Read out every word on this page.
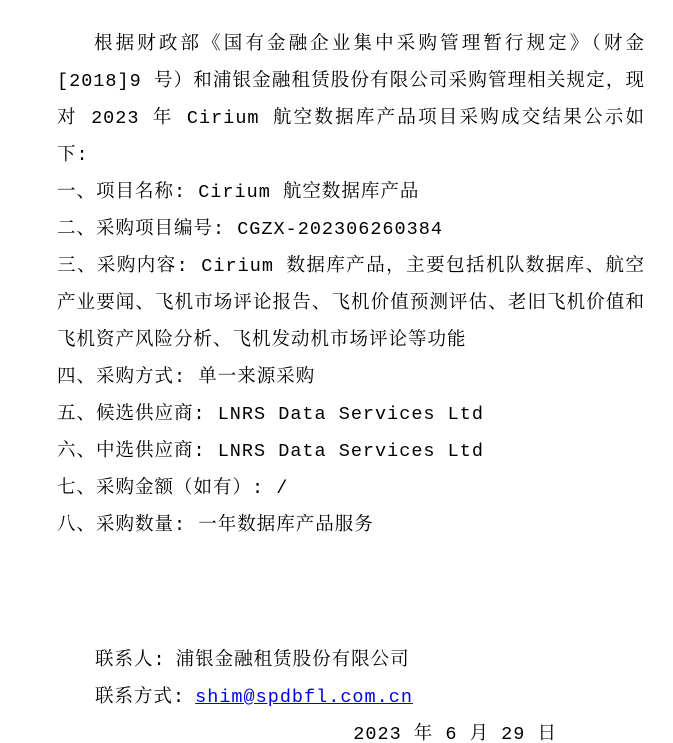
根据财政部《国有金融企业集中采购管理暂行规定》（财金[2018]9 号）和浦银金融租赁股份有限公司采购管理相关规定，现对 2023 年 Cirium 航空数据库产品项目采购成交结果公示如下:

一、项目名称: Cirium 航空数据库产品

二、采购项目编号: CGZX-202306260384

三、采购内容: Cirium 数据库产品，主要包括机队数据库、航空产业要闻、飞机市场评论报告、飞机价值预测评估、老旧飞机价值和飞机资产风险分析、飞机发动机市场评论等功能

四、采购方式: 单一来源采购

五、候选供应商: LNRS Data Services Ltd

六、中选供应商: LNRS Data Services Ltd

七、采购金额（如有）: /

八、采购数量: 一年数据库产品服务

联系人: 浦银金融租赁股份有限公司

联系方式: shim@spdbfl.com.cn

2023 年 6 月 29 日
